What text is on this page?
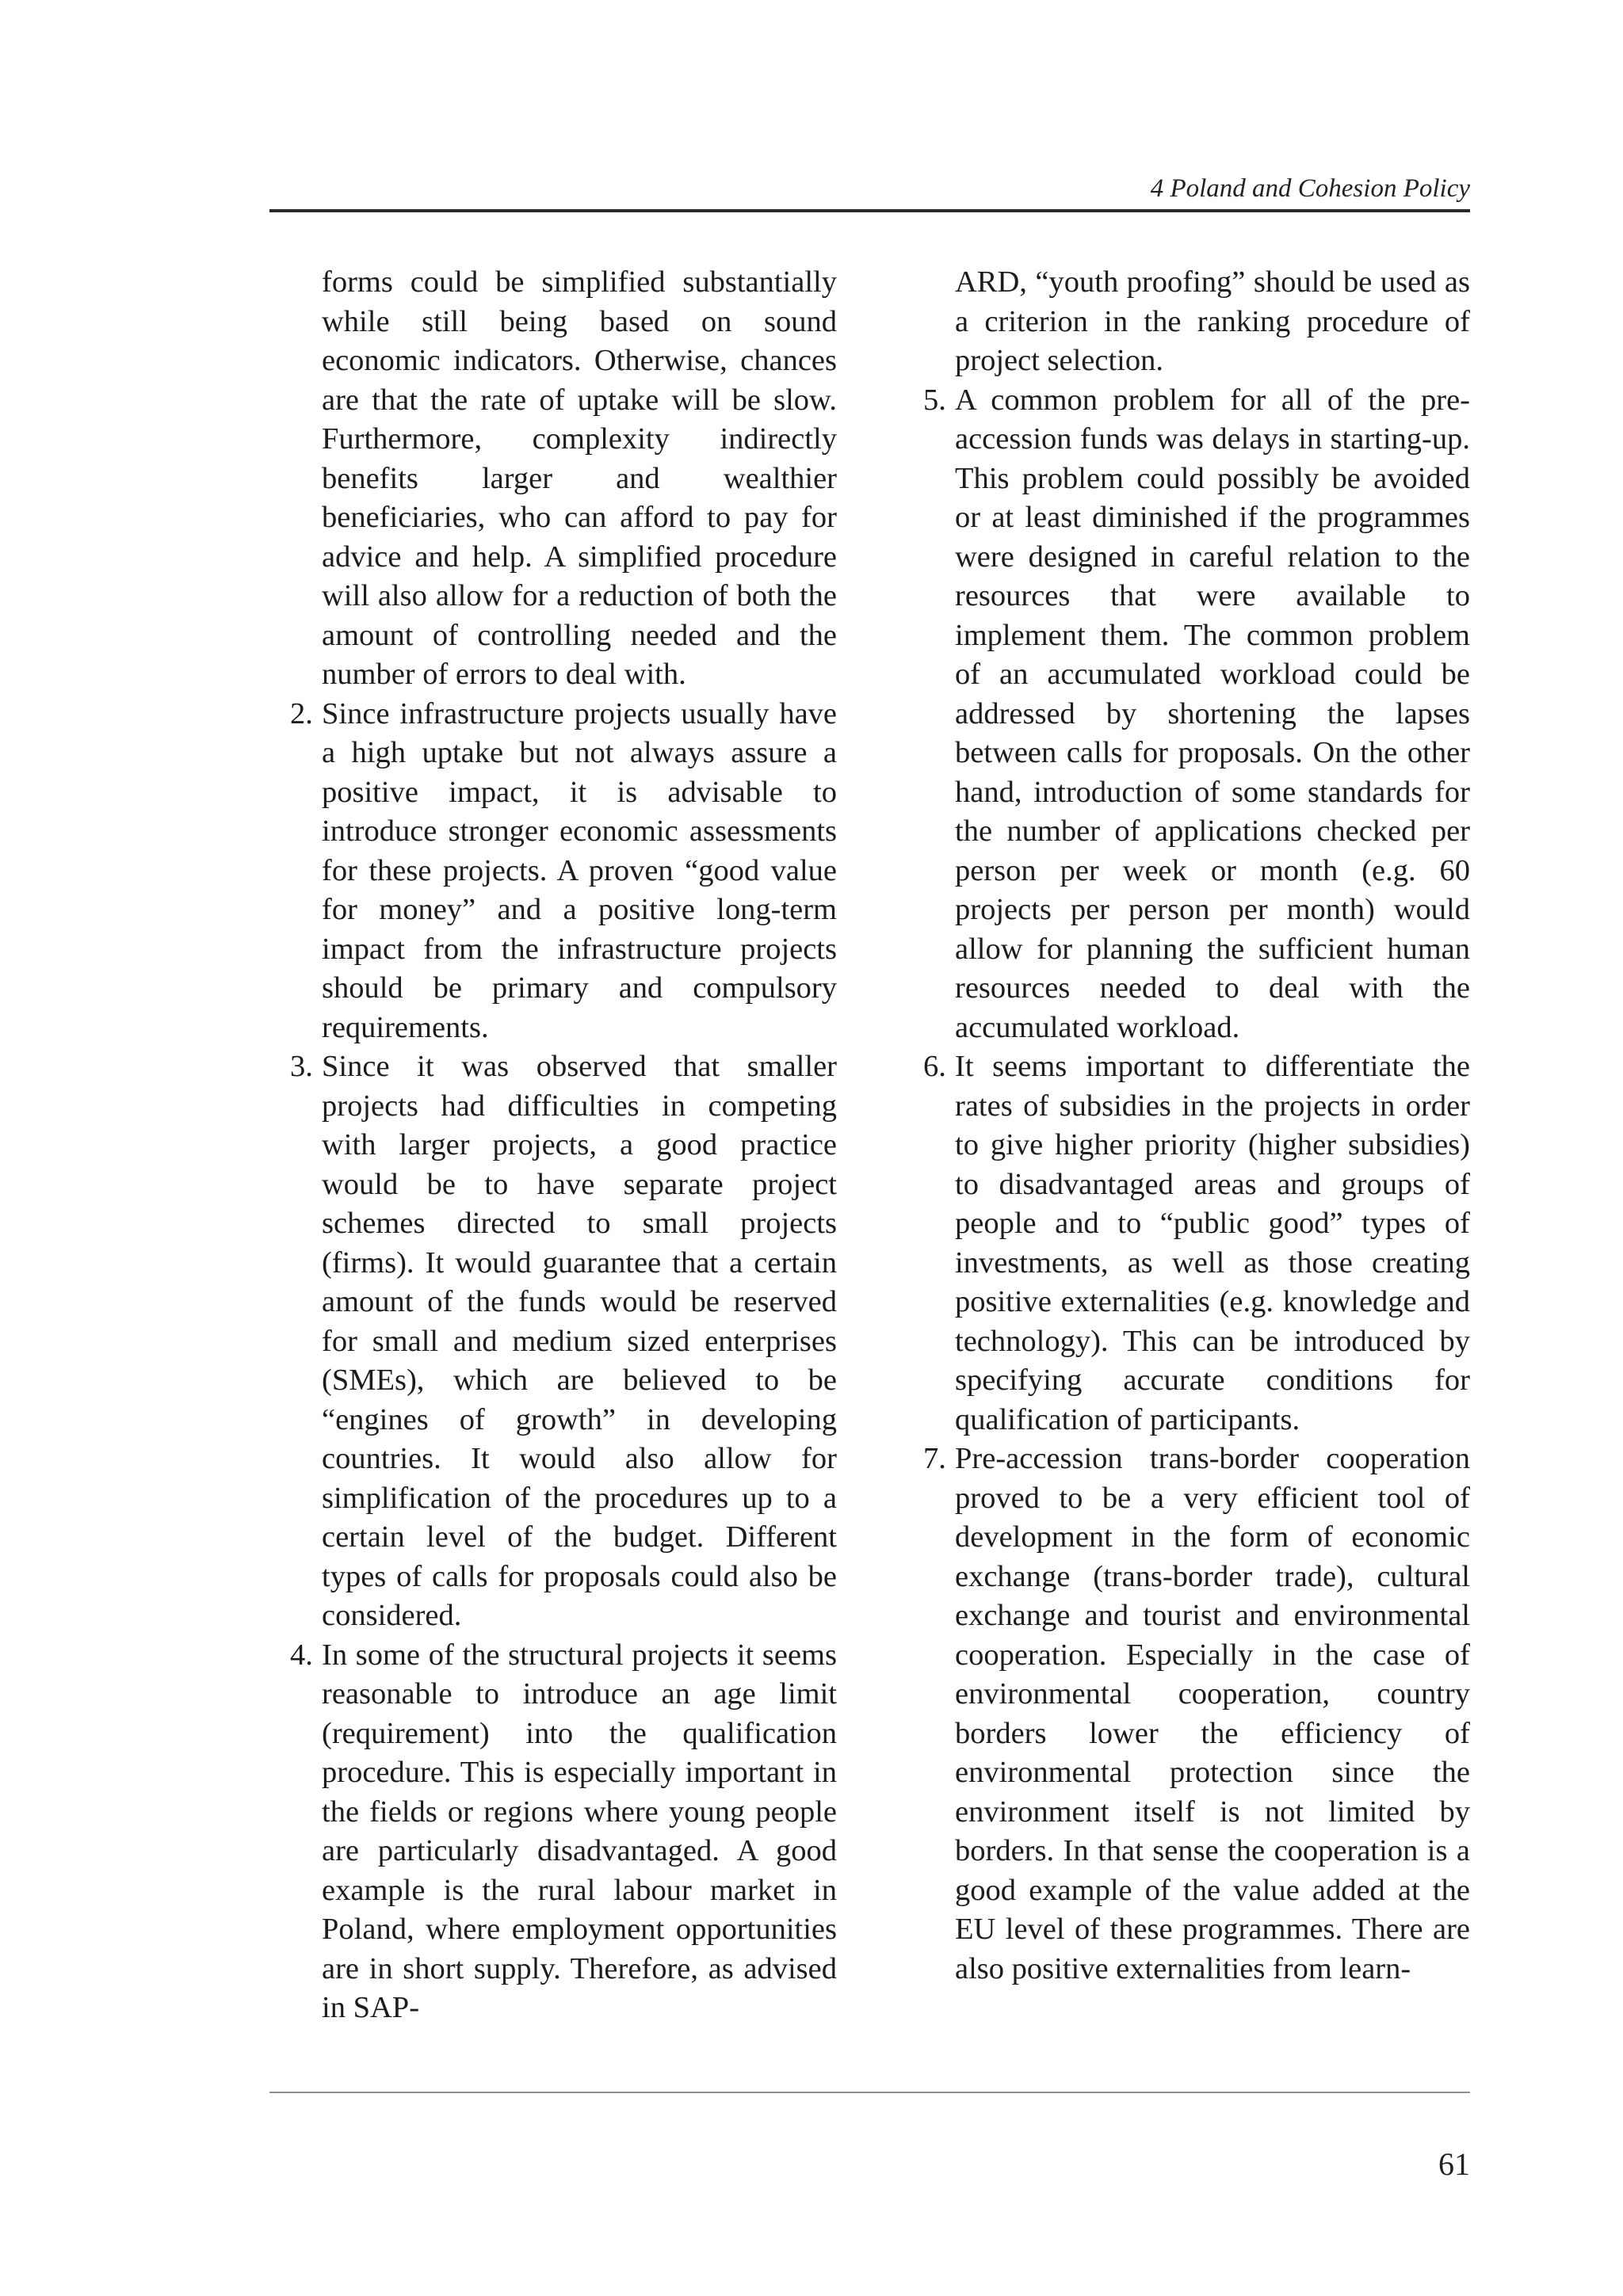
4 Poland and Cohesion Policy

forms could be simplified substantially while still being based on sound economic indicators. Otherwise, chances are that the rate of uptake will be slow. Furthermore, complexity indirectly benefits larger and wealthier beneficiaries, who can afford to pay for advice and help. A simplified procedure will also allow for a reduction of both the amount of controlling needed and the number of errors to deal with.

2. Since infrastructure projects usually have a high uptake but not always assure a positive impact, it is advisable to introduce stronger economic assessments for these projects. A proven “good value for money” and a positive long-term impact from the infrastructure projects should be primary and compulsory requirements.
3. Since it was observed that smaller projects had difficulties in competing with larger projects, a good practice would be to have separate project schemes directed to small projects (firms). It would guarantee that a certain amount of the funds would be reserved for small and medium sized enterprises (SMEs), which are believed to be “engines of growth” in developing countries. It would also allow for simplification of the procedures up to a certain level of the budget. Different types of calls for proposals could also be considered.
4. In some of the structural projects it seems reasonable to introduce an age limit (requirement) into the qualification procedure. This is especially important in the fields or regions where young people are particularly disadvantaged. A good example is the rural labour market in Poland, where employment opportunities are in short supply. Therefore, as advised in SAP-

ARD, “youth proofing” should be used as a criterion in the ranking procedure of project selection.

5. A common problem for all of the pre-accession funds was delays in starting-up. This problem could possibly be avoided or at least diminished if the programmes were designed in careful relation to the resources that were available to implement them. The common problem of an accumulated workload could be addressed by shortening the lapses between calls for proposals. On the other hand, introduction of some standards for the number of applications checked per person per week or month (e.g. 60 projects per person per month) would allow for planning the sufficient human resources needed to deal with the accumulated workload.
6. It seems important to differentiate the rates of subsidies in the projects in order to give higher priority (higher subsidies) to disadvantaged areas and groups of people and to “public good” types of investments, as well as those creating positive externalities (e.g. knowledge and technology). This can be introduced by specifying accurate conditions for qualification of participants.
7. Pre-accession trans-border cooperation proved to be a very efficient tool of development in the form of economic exchange (trans-border trade), cultural exchange and tourist and environmental cooperation. Especially in the case of environmental cooperation, country borders lower the efficiency of environmental protection since the environment itself is not limited by borders. In that sense the cooperation is a good example of the value added at the EU level of these programmes. There are also positive externalities from learn-
61
